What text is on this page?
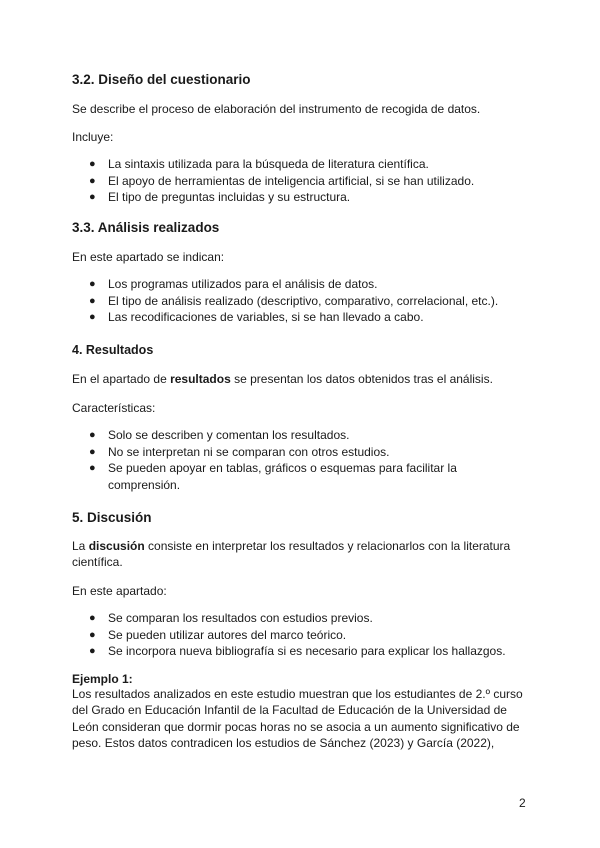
3.2. Diseño del cuestionario

Se describe el proceso de elaboración del instrumento de recogida de datos.

Incluye:

● La sintaxis utilizada para la búsqueda de literatura científica.
● El apoyo de herramientas de inteligencia artificial, si se han utilizado.
● El tipo de preguntas incluidas y su estructura.
3.3. Análisis realizados

En este apartado se indican:

● Los programas utilizados para el análisis de datos.
● El tipo de análisis realizado (descriptivo, comparativo, correlacional, etc.).
● Las recodificaciones de variables, si se han llevado a cabo.
4. Resultados

En el apartado de resultados se presentan los datos obtenidos tras el análisis.

Características:

● Solo se describen y comentan los resultados.
● No se interpretan ni se comparan con otros estudios.
● Se pueden apoyar en tablas, gráficos o esquemas para facilitar la comprensión.
5. Discusión

La discusión consiste en interpretar los resultados y relacionarlos con la literatura científica.

En este apartado:

● Se comparan los resultados con estudios previos.
● Se pueden utilizar autores del marco teórico.
● Se incorpora nueva bibliografía si es necesario para explicar los hallazgos.

Ejemplo 1:

Los resultados analizados en este estudio muestran que los estudiantes de 2.º curso del Grado en Educación Infantil de la Facultad de Educación de la Universidad de León consideran que dormir pocas horas no se asocia a un aumento significativo de peso. Estos datos contradicen los estudios de Sánchez (2023) y García (2022),

2
